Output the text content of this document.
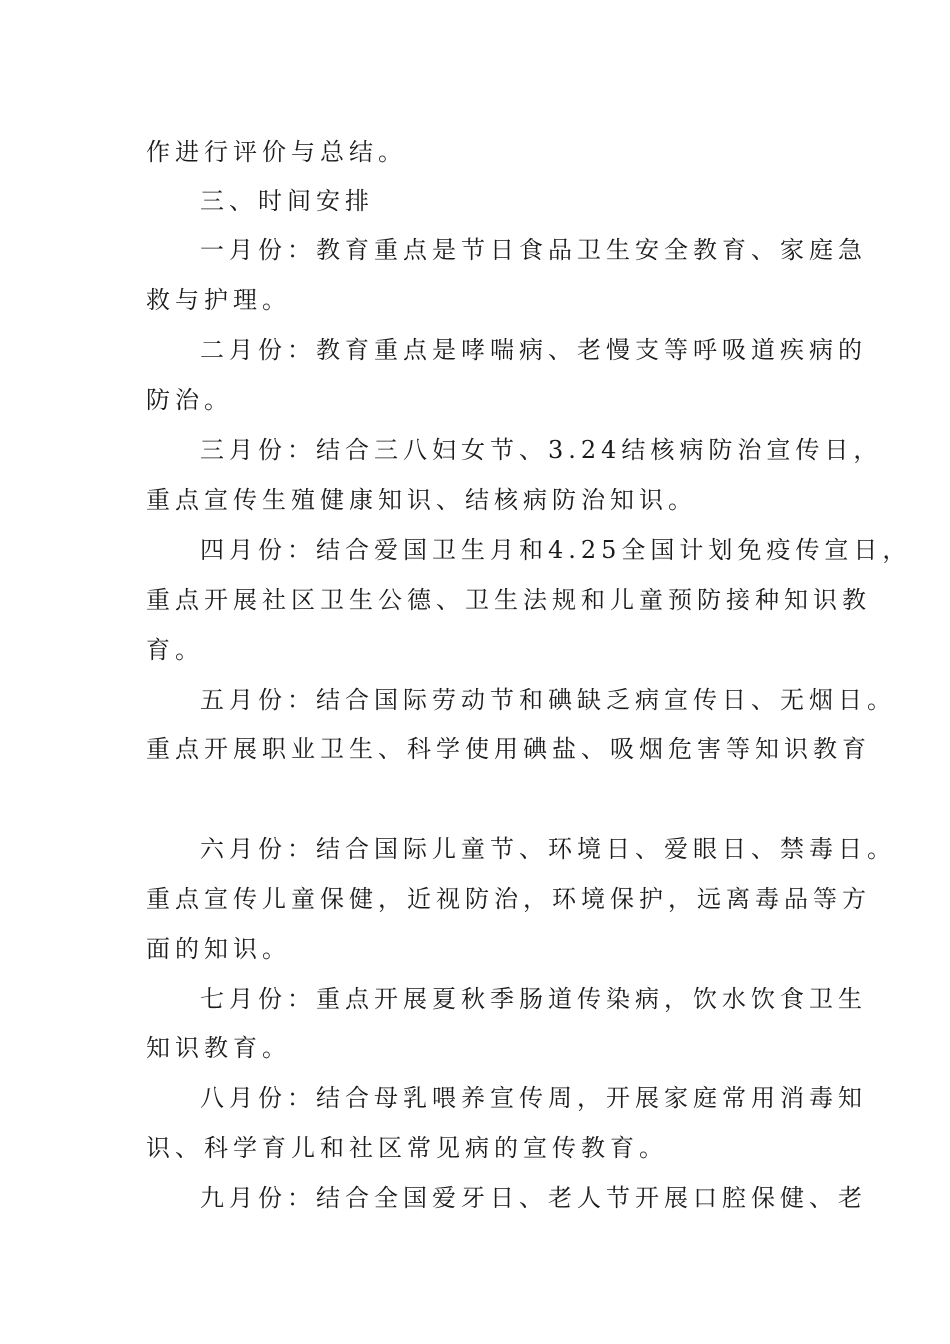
作进行评价与总结。
三、时间安排
一月份：教育重点是节日食品卫生安全教育、家庭急
救与护理。
二月份：教育重点是哮喘病、老慢支等呼吸道疾病的
防治。
三月份：结合三八妇女节、3.24结核病防治宣传日，
重点宣传生殖健康知识、结核病防治知识。
四月份：结合爱国卫生月和4.25全国计划免疫传宣日，
重点开展社区卫生公德、卫生法规和儿童预防接种知识教
育。
五月份：结合国际劳动节和碘缺乏病宣传日、无烟日。
重点开展职业卫生、科学使用碘盐、吸烟危害等知识教育
六月份：结合国际儿童节、环境日、爱眼日、禁毒日。
重点宣传儿童保健，近视防治，环境保护，远离毒品等方
面的知识。
七月份：重点开展夏秋季肠道传染病，饮水饮食卫生
知识教育。
八月份：结合母乳喂养宣传周，开展家庭常用消毒知
识、科学育儿和社区常见病的宣传教育。
九月份：结合全国爱牙日、老人节开展口腔保健、老
